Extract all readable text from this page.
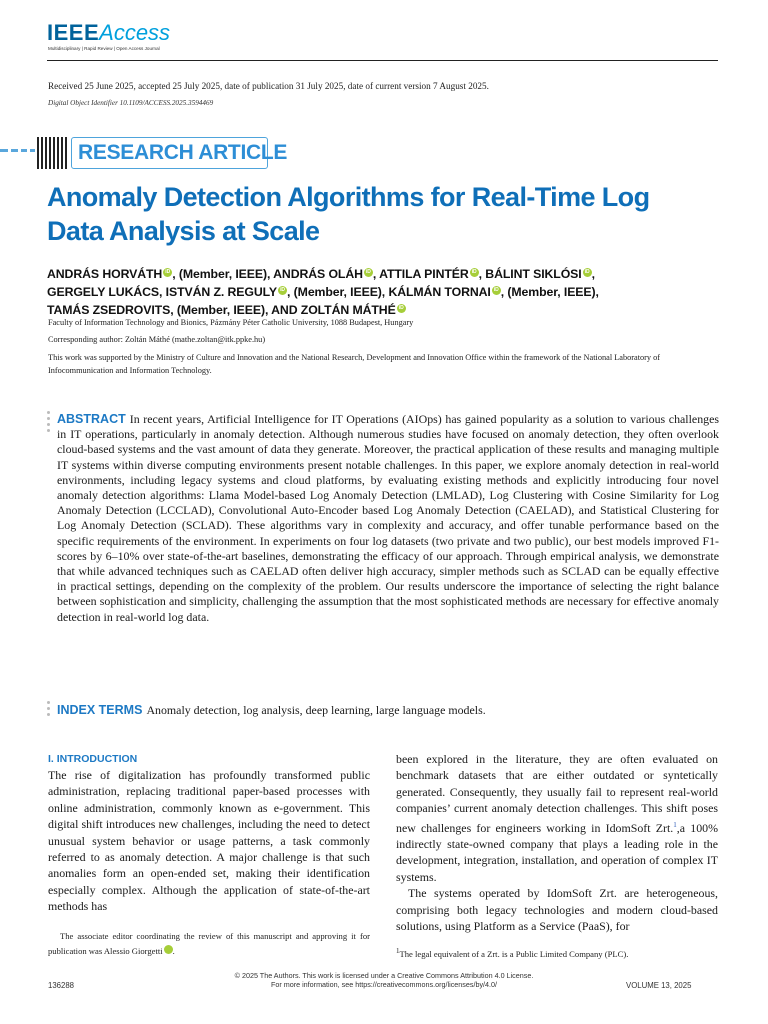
IEEEAccess
Multidisciplinary | Rapid Review | Open Access Journal
Received 25 June 2025, accepted 25 July 2025, date of publication 31 July 2025, date of current version 7 August 2025.
Digital Object Identifier 10.1109/ACCESS.2025.3594469
RESEARCH ARTICLE
Anomaly Detection Algorithms for Real-Time Log Data Analysis at Scale
ANDRÁS HORVÁTH iD , (Member, IEEE), ANDRÁS OLÁH iD , ATTILA PINTÉR iD , BÁLINT SIKLÓSI iD ,
GERGELY LUKÁCS, ISTVÁN Z. REGULY iD , (Member, IEEE), KÁLMÁN TORNAI iD , (Member, IEEE),
TAMÁS ZSEDROVITS, (Member, IEEE), AND ZOLTÁN MÁTHÉ iD
Faculty of Information Technology and Bionics, Pázmány Péter Catholic University, 1088 Budapest, Hungary
Corresponding author: Zoltán Máthé (mathe.zoltan@itk.ppke.hu)
This work was supported by the Ministry of Culture and Innovation and the National Research, Development and Innovation Office within the framework of the National Laboratory of Infocommunication and Information Technology.
ABSTRACT In recent years, Artificial Intelligence for IT Operations (AIOps) has gained popularity as a solution to various challenges in IT operations, particularly in anomaly detection. Although numerous studies have focused on anomaly detection, they often overlook cloud-based systems and the vast amount of data they generate. Moreover, the practical application of these results and managing multiple IT systems within diverse computing environments present notable challenges. In this paper, we explore anomaly detection in real-world environments, including legacy systems and cloud platforms, by evaluating existing methods and explicitly introducing four novel anomaly detection algorithms: Llama Model-based Log Anomaly Detection (LMLAD), Log Clustering with Cosine Similarity for Log Anomaly Detection (LCCLAD), Convolutional Auto-Encoder based Log Anomaly Detection (CAELAD), and Statistical Clustering for Log Anomaly Detection (SCLAD). These algorithms vary in complexity and accuracy, and offer tunable performance based on the specific requirements of the environment. In experiments on four log datasets (two private and two public), our best models improved F1-scores by 6–10% over state-of-the-art baselines, demonstrating the efficacy of our approach. Through empirical analysis, we demonstrate that while advanced techniques such as CAELAD often deliver high accuracy, simpler methods such as SCLAD can be equally effective in practical settings, depending on the complexity of the problem. Our results underscore the importance of selecting the right balance between sophistication and simplicity, challenging the assumption that the most sophisticated methods are necessary for effective anomaly detection in real-world log data.
INDEX TERMS Anomaly detection, log analysis, deep learning, large language models.
I. INTRODUCTION

The rise of digitalization has profoundly transformed public administration, replacing traditional paper-based processes with online administration, commonly known as e-government. This digital shift introduces new challenges, including the need to detect unusual system behavior or usage patterns, a task commonly referred to as anomaly detection. A major challenge is that such anomalies form an open-ended set, making their identification especially complex. Although the application of state-of-the-art methods has

been explored in the literature, they are often evaluated on benchmark datasets that are either outdated or syntetically generated. Consequently, they usually fail to represent real-world companies’ current anomaly detection challenges. This shift poses new challenges for engineers working in IdomSoft Zrt.$^1$,a 100% indirectly state-owned company that plays a leading role in the development, integration, installation, and operation of complex IT systems.

The systems operated by IdomSoft Zrt. are heterogeneous, comprising both legacy technologies and modern cloud-based solutions, using Platform as a Service (PaaS), for

The associate editor coordinating the review of this manuscript and approving it for publication was Alessio Giorgetti	iD.	$^1$The legal equivalent of a Zrt. is a Public Limited Company (PLC).
© 2025 The Authors. This work is licensed under a Creative Commons Attribution 4.0 License.
For more information, see https://creativecommons.org/licenses/by/4.0/
136288	VOLUME 13, 2025
